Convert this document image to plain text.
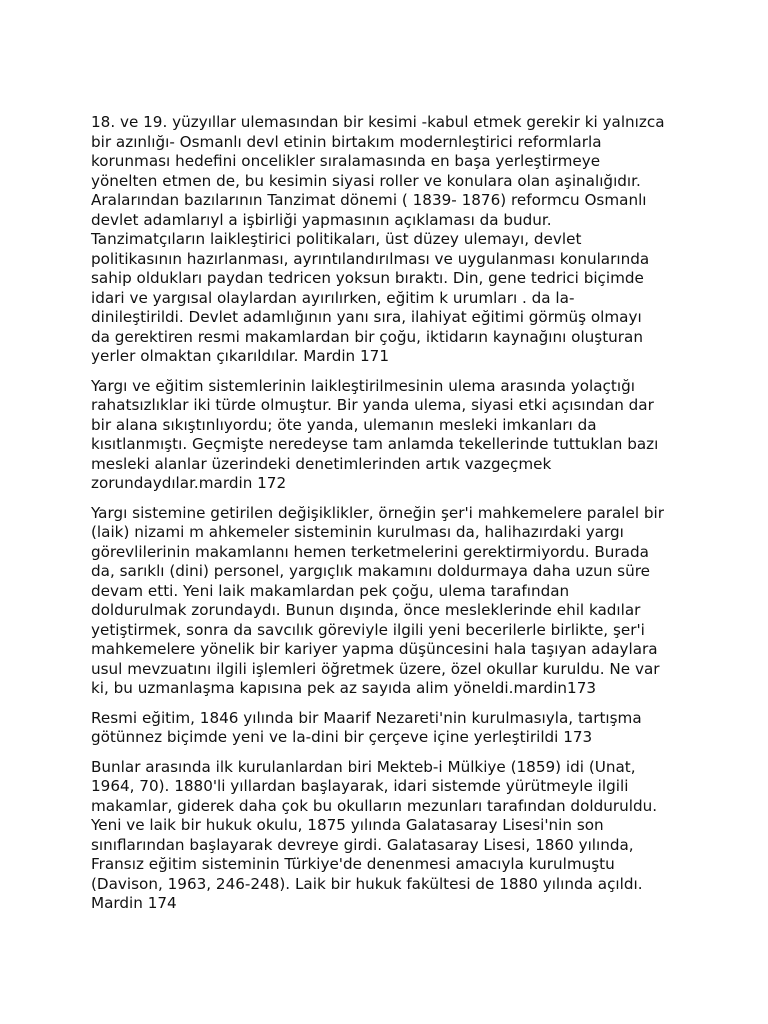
18. ve 19. yüzyıllar ulemasından bir kesimi -kabul etmek gerekir ki yalnızca
bir azınlığı- Osmanlı devl etinin birtakım modernleştirici reformlarla
korunması hedefini oncelikler sıralamasında en başa yerleştirmeye
yönelten etmen de, bu kesimin siyasi roller ve konulara olan aşinalığıdır.
Aralarından bazılarının Tanzimat dönemi ( 1839- 1876) reformcu Osmanlı
devlet adamlarıyl a işbirliği yapmasının açıklaması da budur.
Tanzimatçıların laikleştirici politikaları, üst düzey ulemayı, devlet
politikasının hazırlanması, ayrıntılandırılması ve uygulanması konularında
sahip oldukları paydan tedricen yoksun bıraktı. Din, gene tedrici biçimde
idari ve yargısal olaylardan ayırılırken, eğitim k urumları . da la-
dinileştirildi. Devlet adamlığının yanı sıra, ilahiyat eğitimi görmüş olmayı
da gerektiren resmi makamlardan bir çoğu, iktidarın kaynağını oluşturan
yerler olmaktan çıkarıldılar. Mardin 171

Yargı ve eğitim sistemlerinin laikleştirilmesinin ulema arasında yolaçtığı
rahatsızlıklar iki türde olmuştur. Bir yanda ulema, siyasi etki açısından dar
bir alana sıkıştınlıyordu; öte yanda, ulemanın mesleki imkanları da
kısıtlanmıştı. Geçmişte neredeyse tam anlamda tekellerinde tuttuklan bazı
mesleki alanlar üzerindeki denetimlerinden artık vazgeçmek
zorundaydılar.mardin 172

Yargı sistemine getirilen değişiklikler, örneğin şer'i mahkemelere paralel bir
(laik) nizami m ahkemeler sisteminin kurulması da, halihazırdaki yargı
görevlilerinin makamlannı hemen terketmelerini gerektirmiyordu. Burada
da, sarıklı (dini) personel, yargıçlık makamını doldurmaya daha uzun süre
devam etti. Yeni laik makamlardan pek çoğu, ulema tarafından
doldurulmak zorundaydı. Bunun dışında, önce mesleklerinde ehil kadılar
yetiştirmek, sonra da savcılık göreviyle ilgili yeni becerilerle birlikte, şer'i
mahkemelere yönelik bir kariyer yapma düşüncesini hala taşıyan adaylara
usul mevzuatını ilgili işlemleri öğretmek üzere, özel okullar kuruldu. Ne var
ki, bu uzmanlaşma kapısına pek az sayıda alim yöneldi.mardin173

Resmi eğitim, 1846 yılında bir Maarif Nezareti'nin kurulmasıyla, tartışma
götünnez biçimde yeni ve la-dini bir çerçeve içine yerleştirildi 173

Bunlar arasında ilk kurulanlardan biri Mekteb-i Mülkiye (1859) idi (Unat,
1964, 70). 1880'li yıllardan başlayarak, idari sistemde yürütmeyle ilgili
makamlar, giderek daha çok bu okulların mezunları tarafından dolduruldu.
Yeni ve laik bir hukuk okulu, 1875 yılında Galatasaray Lisesi'nin son
sınıflarından başlayarak devreye girdi. Galatasaray Lisesi, 1860 yılında,
Fransız eğitim sisteminin Türkiye'de denenmesi amacıyla kurulmuştu
(Davison, 1963, 246-248). Laik bir hukuk fakültesi de 1880 yılında açıldı.
Mardin 174
